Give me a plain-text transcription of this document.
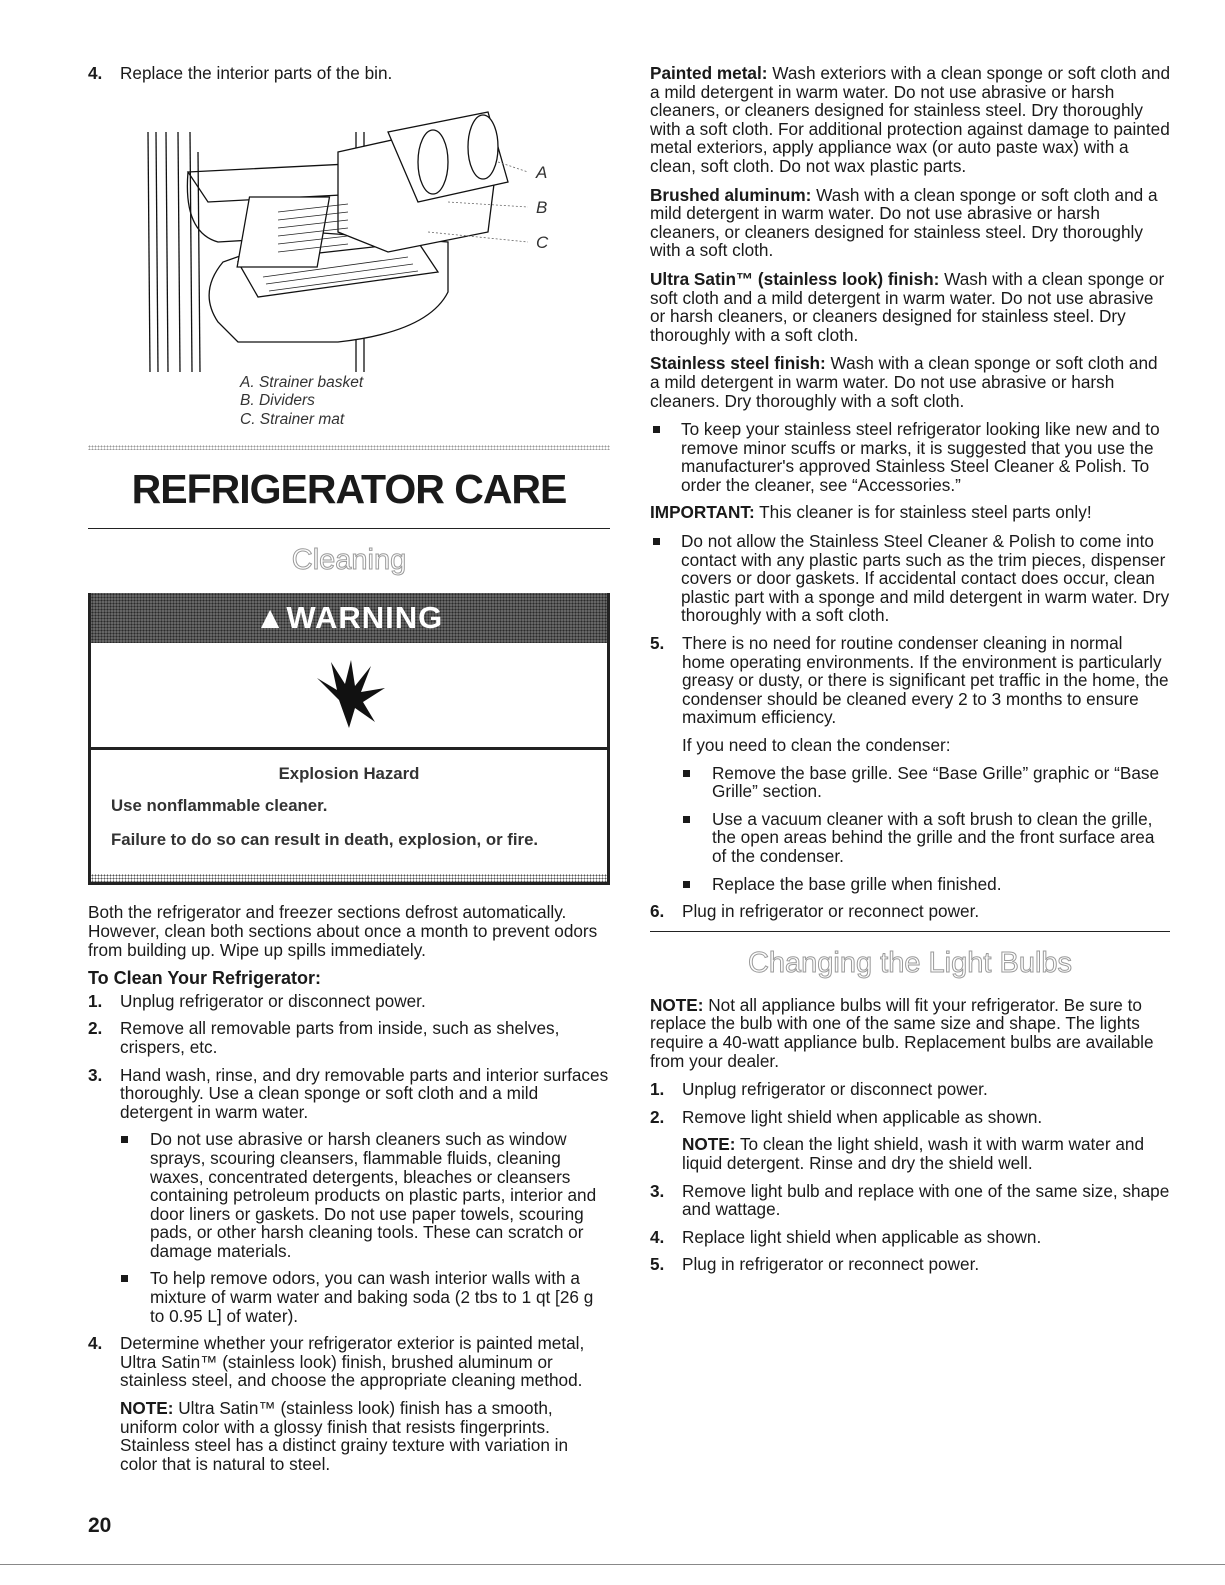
4. Replace the interior parts of the bin.
A
B
C
A. Strainer basket
B. Dividers
C. Strainer mat
REFRIGERATOR CARE
Cleaning
▲WARNING
Explosion Hazard
Use nonflammable cleaner.
Failure to do so can result in death, explosion, or fire.

Both the refrigerator and freezer sections defrost automatically. However, clean both sections about once a month to prevent odors from building up. Wipe up spills immediately.

To Clean Your Refrigerator:

1. Unplug refrigerator or disconnect power.
2. Remove all removable parts from inside, such as shelves, crispers, etc.
3. Hand wash, rinse, and dry removable parts and interior surfaces thoroughly. Use a clean sponge or soft cloth and a mild detergent in warm water.
Do not use abrasive or harsh cleaners such as window sprays, scouring cleansers, flammable fluids, cleaning waxes, concentrated detergents, bleaches or cleansers containing petroleum products on plastic parts, interior and door liners or gaskets. Do not use paper towels, scouring pads, or other harsh cleaning tools. These can scratch or damage materials.
To help remove odors, you can wash interior walls with a mixture of warm water and baking soda (2 tbs to 1 qt [26 g to 0.95 L] of water).
4. Determine whether your refrigerator exterior is painted metal, Ultra Satin™ (stainless look) finish, brushed aluminum or stainless steel, and choose the appropriate cleaning method.
NOTE: Ultra Satin™ (stainless look) finish has a smooth, uniform color with a glossy finish that resists fingerprints. Stainless steel has a distinct grainy texture with variation in color that is natural to steel.

Painted metal: Wash exteriors with a clean sponge or soft cloth and a mild detergent in warm water. Do not use abrasive or harsh cleaners, or cleaners designed for stainless steel. Dry thoroughly with a soft cloth. For additional protection against damage to painted metal exteriors, apply appliance wax (or auto paste wax) with a clean, soft cloth. Do not wax plastic parts.

Brushed aluminum: Wash with a clean sponge or soft cloth and a mild detergent in warm water. Do not use abrasive or harsh cleaners, or cleaners designed for stainless steel. Dry thoroughly with a soft cloth.

Ultra Satin™ (stainless look) finish: Wash with a clean sponge or soft cloth and a mild detergent in warm water. Do not use abrasive or harsh cleaners, or cleaners designed for stainless steel. Dry thoroughly with a soft cloth.

Stainless steel finish: Wash with a clean sponge or soft cloth and a mild detergent in warm water. Do not use abrasive or harsh cleaners. Dry thoroughly with a soft cloth.

To keep your stainless steel refrigerator looking like new and to remove minor scuffs or marks, it is suggested that you use the manufacturer's approved Stainless Steel Cleaner & Polish. To order the cleaner, see “Accessories.”

IMPORTANT: This cleaner is for stainless steel parts only!

Do not allow the Stainless Steel Cleaner & Polish to come into contact with any plastic parts such as the trim pieces, dispenser covers or door gaskets. If accidental contact does occur, clean plastic part with a sponge and mild detergent in warm water. Dry thoroughly with a soft cloth.
5. There is no need for routine condenser cleaning in normal home operating environments. If the environment is particularly greasy or dusty, or there is significant pet traffic in the home, the condenser should be cleaned every 2 to 3 months to ensure maximum efficiency.
If you need to clean the condenser:
Remove the base grille. See “Base Grille” graphic or “Base Grille” section.
Use a vacuum cleaner with a soft brush to clean the grille, the open areas behind the grille and the front surface area of the condenser.
Replace the base grille when finished.
6. Plug in refrigerator or reconnect power.
Changing the Light Bulbs

NOTE: Not all appliance bulbs will fit your refrigerator. Be sure to replace the bulb with one of the same size and shape. The lights require a 40-watt appliance bulb. Replacement bulbs are available from your dealer.

1. Unplug refrigerator or disconnect power.
2. Remove light shield when applicable as shown.
NOTE: To clean the light shield, wash it with warm water and liquid detergent. Rinse and dry the shield well.
3. Remove light bulb and replace with one of the same size, shape and wattage.
4. Replace light shield when applicable as shown.
5. Plug in refrigerator or reconnect power.
20
